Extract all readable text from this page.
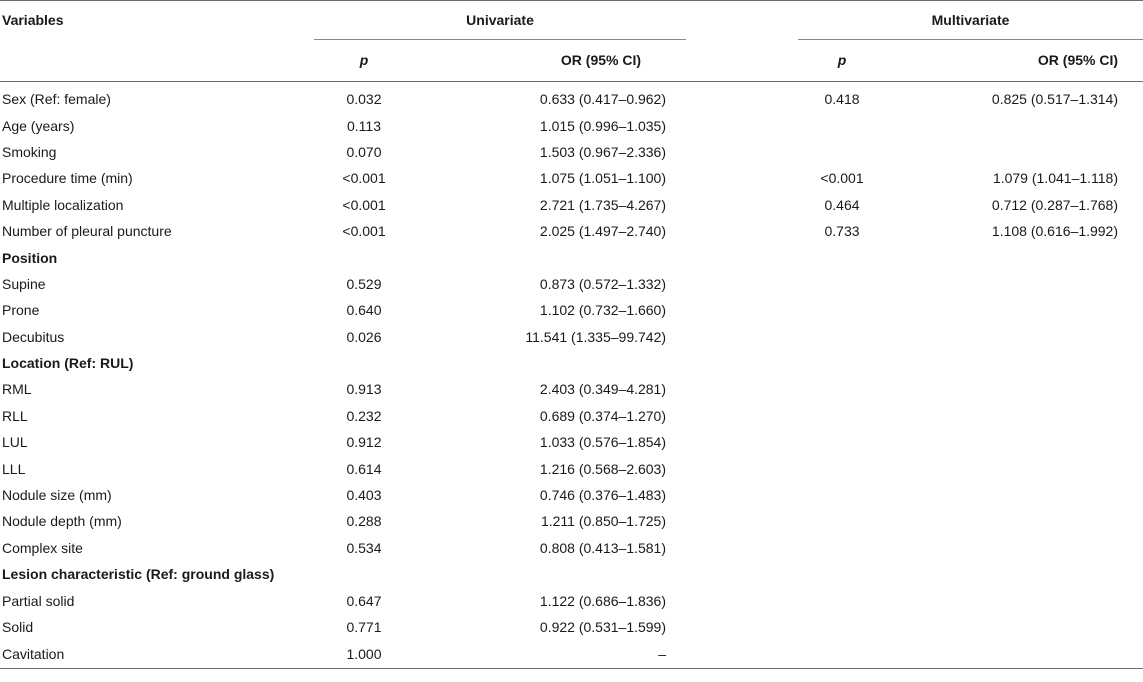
Variables	Univariate			Multivariate	
	p	OR (95% CI)		p	OR (95% CI)

Sex (Ref: female)	0.032	0.633 (0.417–0.962)		0.418	0.825 (0.517–1.314)
Age (years)	0.113	1.015 (0.996–1.035)			
Smoking	0.070	1.503 (0.967–2.336)			
Procedure time (min)	<0.001	1.075 (1.051–1.100)		<0.001	1.079 (1.041–1.118)
Multiple localization	<0.001	2.721 (1.735–4.267)		0.464	0.712 (0.287–1.768)
Number of pleural puncture	<0.001	2.025 (1.497–2.740)		0.733	1.108 (0.616–1.992)
Position					
Supine	0.529	0.873 (0.572–1.332)			
Prone	0.640	1.102 (0.732–1.660)			
Decubitus	0.026	11.541 (1.335–99.742)			
Location (Ref: RUL)					
RML	0.913	2.403 (0.349–4.281)			
RLL	0.232	0.689 (0.374–1.270)			
LUL	0.912	1.033 (0.576–1.854)			
LLL	0.614	1.216 (0.568–2.603)			
Nodule size (mm)	0.403	0.746 (0.376–1.483)			
Nodule depth (mm)	0.288	1.211 (0.850–1.725)			
Complex site	0.534	0.808 (0.413–1.581)			
Lesion characteristic (Ref: ground glass)					
Partial solid	0.647	1.122 (0.686–1.836)			
Solid	0.771	0.922 (0.531–1.599)			
Cavitation	1.000	–			
